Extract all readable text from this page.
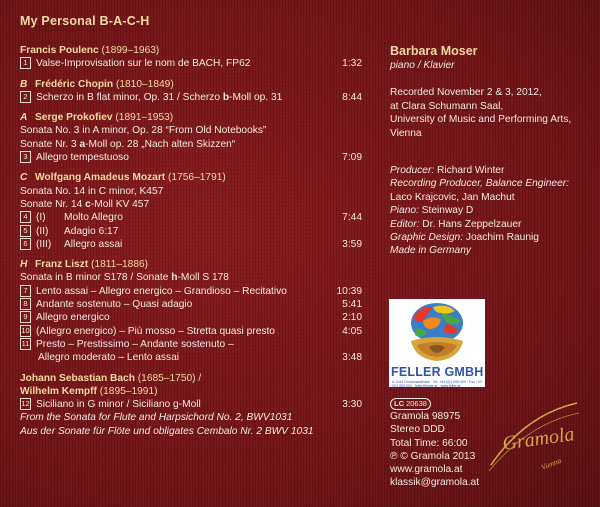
My Personal B-A-C-H
Francis Poulenc (1899–1963)
1 Valse-Improvisation sur le nom de BACH, FP62	1:32
B Frédéric Chopin (1810–1849)
2 Scherzo in B flat minor, Op. 31 / Scherzo b-Moll op. 31	8:44
A Serge Prokofiev (1891–1953)
Sonata No. 3 in A minor, Op. 28 “From Old Notebooks”
Sonate Nr. 3 a-Moll op. 28 „Nach alten Skizzen“
3 Allegro tempestuoso	7:09
C Wolfgang Amadeus Mozart (1756–1791)
Sonata No. 14 in C minor, K457
Sonate Nr. 14 c-Moll KV 457
4 (I)	Molto Allegro	7:44
5 (II)	Adagio 6:17
6 (III)	Allegro assai	3:59
H Franz Liszt (1811–1886)
Sonata in B minor S178 / Sonate h-Moll S 178
7 Lento assai – Allegro energico – Grandioso – Recitativo	10:39
8 Andante sostenuto – Quasi adagio	5:41
9 Allegro energico	2:10
10 (Allegro energico) – Più mosso – Stretta quasi presto	4:05
11 Presto – Prestissimo – Andante sostenuto –
Allegro moderato – Lento assai	3:48
Johann Sebastian Bach (1685–1750) /
Wilhelm Kempff (1895–1991)
12 Siciliano in G minor / Siciliano g-Moll	3:30
From the Sonata for Flute and Harpsichord No. 2, BWV1031
Aus der Sonate für Flöte und obligates Cembalo Nr. 2 BWV 1031
Barbara Moser
piano / Klavier
Recorded November 2 & 3, 2012,
at Clara Schumann Saal,
University of Music and Performing Arts,
Vienna
Producer: Richard Winter
Recording Producer, Balance Engineer:
Laco Krajcovic, Jan Machut
Piano: Steinway D
Editor: Dr. Hans Zeppelzauer
Graphic Design: Joachim Raunig
Made in Germany
FELLER GMBH
A-1042 Grossmarkthalle · Tel. +43 (0)1 000 000 · Fax +43 (0)1 000 000 · feller@feller.at · www.feller.at
LC 20638
Gramola 98975
Stereo DDD
Total Time: 66:00
℗ © Gramola 2013
www.gramola.at
klassik@gramola.at
Gramola
Vienna
